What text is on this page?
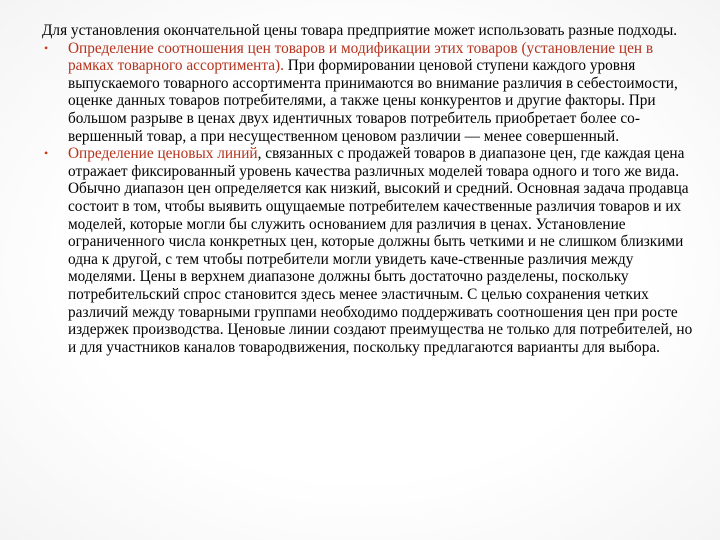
Для установления окончательной цены товара предприятие может использовать разные подходы.

• Определение соотношения цен товаров и модификации этих товаров (установление цен в рамках товарного ассортимента). При формировании ценовой ступени каждого уровня выпускаемого товарного ассортимента принимаются во внимание различия в себестоимости, оценке данных товаров потребителями, а также цены конкурентов и другие факторы. При большом разрыве в ценах двух идентичных товаров потребитель приобретает более со-вершенный товар, а при несущественном ценовом различии — менее совершенный.
• Определение ценовых линий, связанных с продажей товаров в диапазоне цен, где каждая цена отражает фиксированный уровень качества различных моделей товара одного и того же вида. Обычно диапазон цен определяется как низкий, высокий и средний. Основная задача продавца состоит в том, чтобы выявить ощущаемые потребителем качественные различия товаров и их моделей, которые могли бы служить основанием для различия в ценах. Установление ограниченного числа конкретных цен, которые должны быть четкими и не слишком близкими одна к другой, с тем чтобы потребители могли увидеть каче-ственные различия между моделями. Цены в верхнем диапазоне должны быть достаточно разделены, поскольку потребительский спрос становится здесь менее эластичным. С целью сохранения четких различий между товарными группами необходимо поддерживать соотношения цен при росте издержек производства. Ценовые линии создают преимущества не только для потребителей, но и для участников каналов товародвижения, поскольку предлагаются варианты для выбора.
